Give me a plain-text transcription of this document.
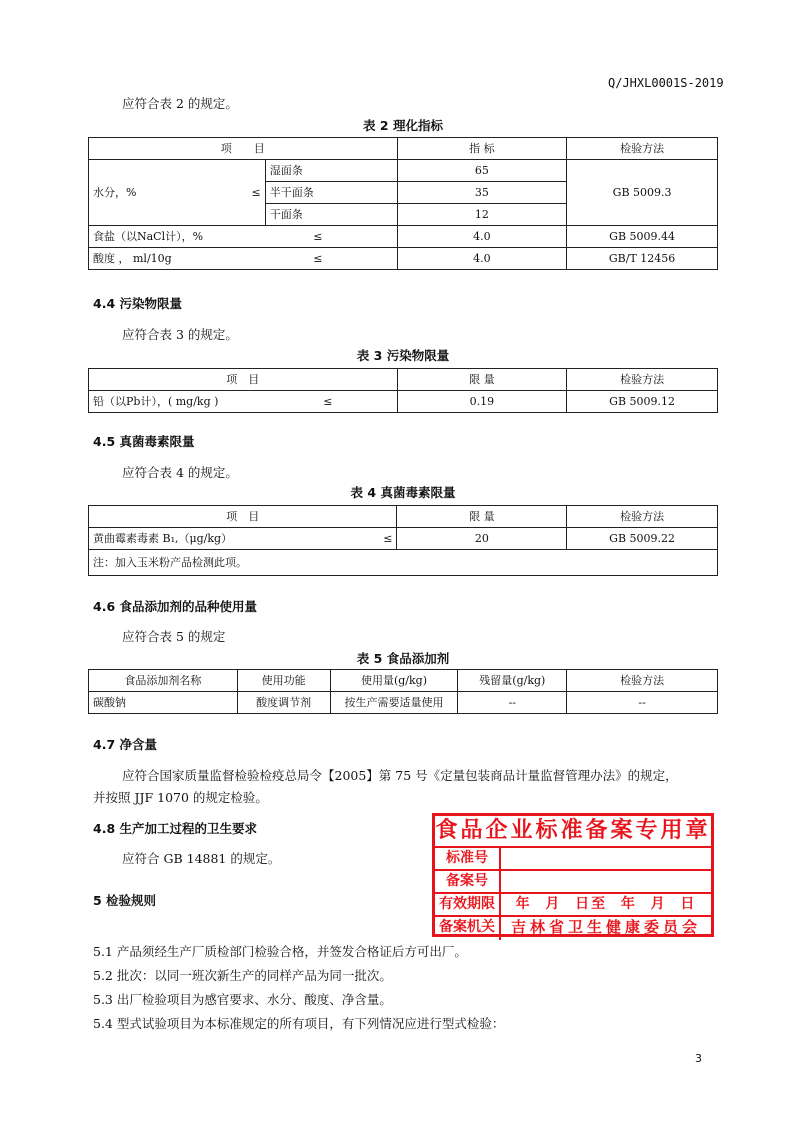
Q/JHXL0001S-2019
应符合表 2 的规定。
表 2 理化指标
项　　目		指 标	检验方法
水分，% ≤	湿面条	65	GB 5009.3
	半干面条	35	
	干面条	12	
食盐（以NaCl计），% ≤		4.0	GB 5009.44
酸度 ， ml/10g ≤		4.0	GB/T 12456
4.4 污染物限量
应符合表 3 的规定。
表 3 污染物限量
项　目	限 量	检验方法
铅（以Pb计），( mg/kg ) ≤	0.19	GB 5009.12
4.5 真菌毒素限量
应符合表 4 的规定。
表 4 真菌毒素限量
项　目	限 量	检验方法
黄曲霉素毒素 B₁,（μg/kg） ≤	20	GB 5009.22
注：加入玉米粉产品检测此项。		
4.6 食品添加剂的品种使用量
应符合表 5 的规定
表 5 食品添加剂
食品添加剂名称	使用功能	使用量(g/kg)	残留量(g/kg)	检验方法
碳酸钠	酸度调节剂	按生产需要适量使用	--	--
4.7 净含量
应符合国家质量监督检验检疫总局令【2005】第 75 号《定量包装商品计量监督管理办法》的规定，
并按照 JJF 1070 的规定检验。
4.8 生产加工过程的卫生要求
应符合 GB 14881 的规定。
5 检验规则
食品企业标准备案专用章
标准号
备案号
有效期限	年  月  日至  年  月  日
备案机关	吉林省卫生健康委员会
5.1 产品须经生产厂质检部门检验合格，并签发合格证后方可出厂。
5.2 批次：以同一班次新生产的同样产品为同一批次。
5.3 出厂检验项目为感官要求、水分、酸度、净含量。
5.4 型式试验项目为本标准规定的所有项目，有下列情况应进行型式检验：
3
